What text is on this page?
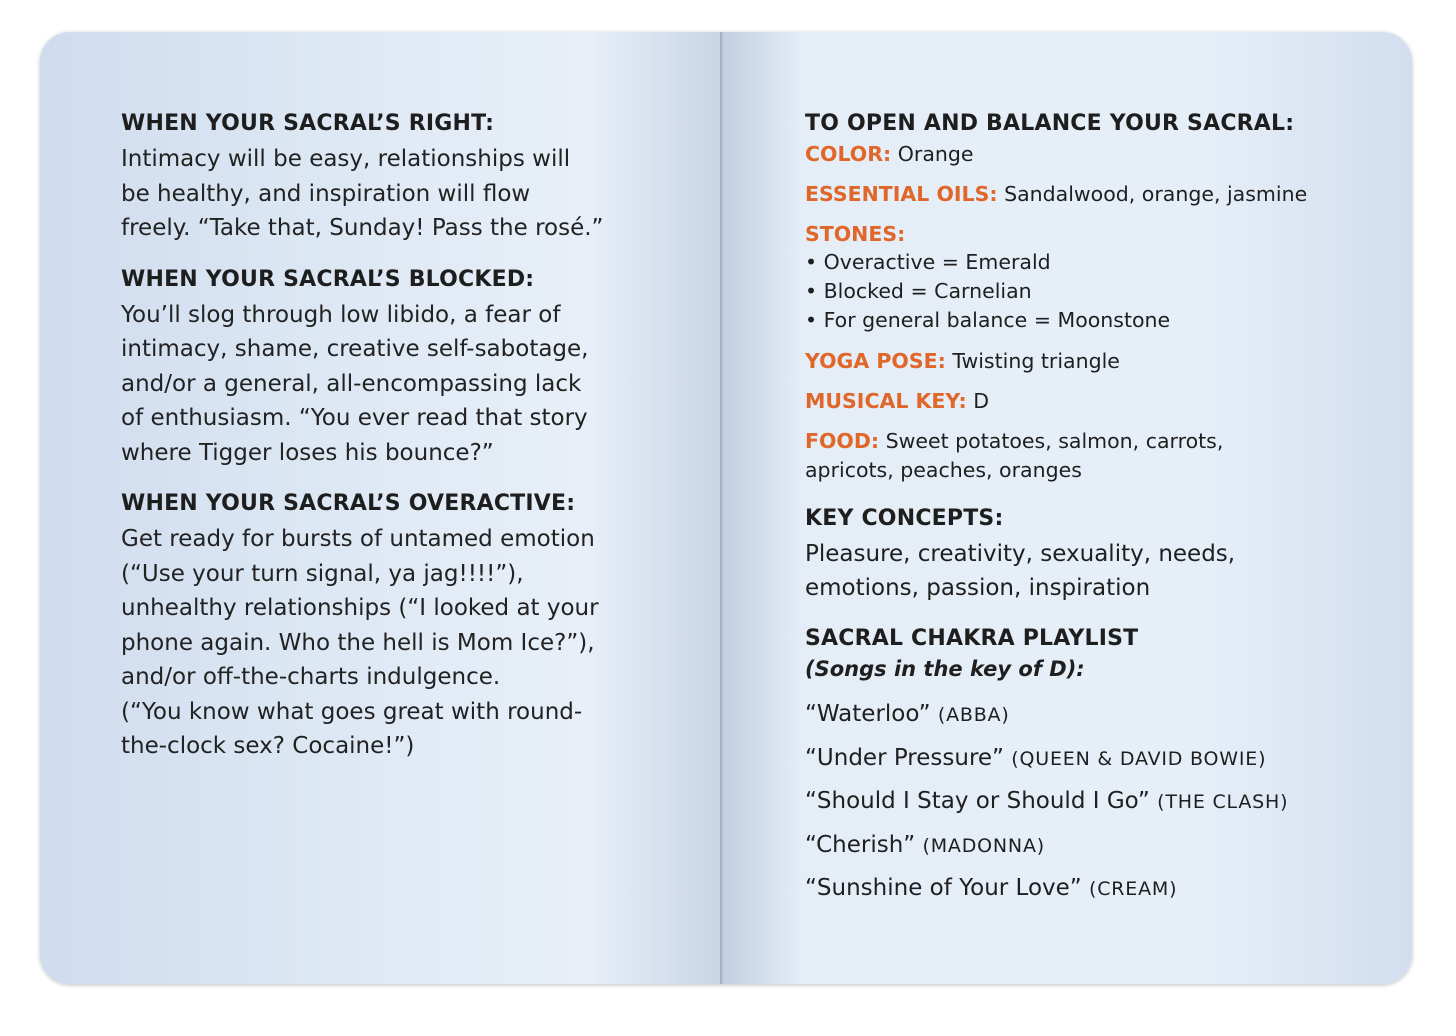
WHEN YOUR SACRAL’S RIGHT:

Intimacy will be easy, relationships will
be healthy, and inspiration will flow
freely. “Take that, Sunday! Pass the rosé.”

WHEN YOUR SACRAL’S BLOCKED:

You’ll slog through low libido, a fear of
intimacy, shame, creative self-sabotage,
and/or a general, all-encompassing lack
of enthusiasm. “You ever read that story
where Tigger loses his bounce?”

WHEN YOUR SACRAL’S OVERACTIVE:

Get ready for bursts of untamed emotion
(“Use your turn signal, ya jag!!!!”),
unhealthy relationships (“I looked at your
phone again. Who the hell is Mom Ice?”),
and/or off-the-charts indulgence.
(“You know what goes great with round-
the-clock sex? Cocaine!”)

TO OPEN AND BALANCE YOUR SACRAL:

COLOR: Orange
ESSENTIAL OILS: Sandalwood, orange, jasmine
STONES:
• Overactive = Emerald
• Blocked = Carnelian
• For general balance = Moonstone
YOGA POSE: Twisting triangle
MUSICAL KEY: D
FOOD: Sweet potatoes, salmon, carrots,
apricots, peaches, oranges

KEY CONCEPTS:

Pleasure, creativity, sexuality, needs,
emotions, passion, inspiration

SACRAL CHAKRA PLAYLIST

(Songs in the key of D):

“Waterloo” (ABBA)
“Under Pressure” (QUEEN & DAVID BOWIE)
“Should I Stay or Should I Go” (THE CLASH)
“Cherish” (MADONNA)
“Sunshine of Your Love” (CREAM)
